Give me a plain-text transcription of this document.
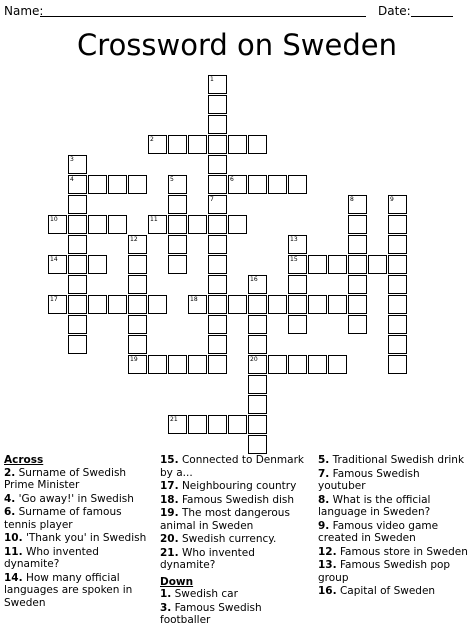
Name:	Date:
Crossword on Sweden
1
7
2
3
4	5	6
8	9
10	11
12	13
15
14
16
20
17	18
19
21
Across
2. Surname of Swedish Prime Minister
4. 'Go away!' in Swedish
6. Surname of famous tennis player
10. 'Thank you' in Swedish
11. Who invented dynamite?
14. How many official languages are spoken in Sweden
15. Connected to Denmark by a...
17. Neighbouring country
18. Famous Swedish dish
19. The most dangerous animal in Sweden
20. Swedish currency.
21. Who invented dynamite?
Down
1. Swedish car
3. Famous Swedish footballer
5. Traditional Swedish drink
7. Famous Swedish youtuber
8. What is the official language in Sweden?
9. Famous video game created in Sweden
12. Famous store in Sweden
13. Famous Swedish pop group
16. Capital of Sweden
